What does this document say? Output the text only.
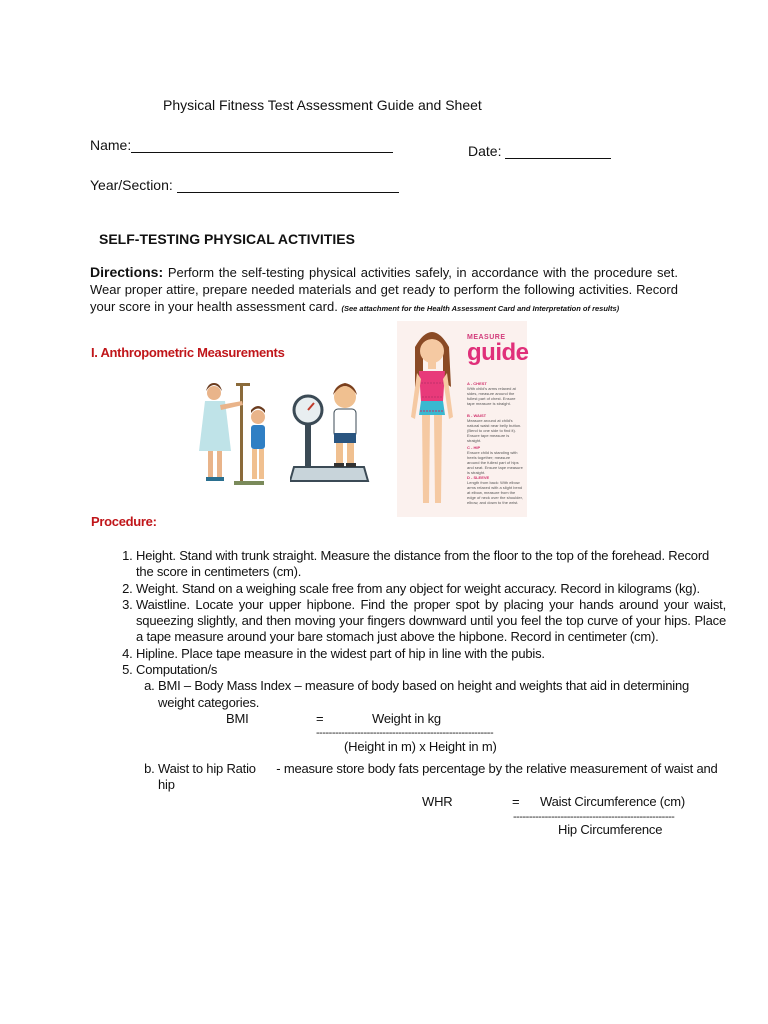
Physical Fitness Test Assessment Guide and Sheet
Name:	Date:
Year/Section:
SELF-TESTING PHYSICAL ACTIVITIES
Directions: Perform the self-testing physical activities safely, in accordance with the procedure set. Wear proper attire, prepare needed materials and get ready to perform the following activities. Record your score in your health assessment card. (See attachment for the Health Assessment Card and Interpretation of results)
I. Anthropometric Measurements
MEASURE
guide
A - CHEST
With child's arms relaxed at sides, measure around the fullest part of chest. Ensure tape measure is straight.
B - WAIST
Measure around at child's natural waist near belly button. (Bend to one side to find it). Ensure tape measure is straight.
C - HIP
Ensure child is standing with heels together; measure around the fullest part of hips and seat. Ensure tape measure is straight.
D - SLEEVE
Length from back: With elbow arms relaxed with a slight bend at elbow, measure from the edge of neck over the shoulder, elbow, and down to the wrist.
Procedure:
1. Height. Stand with trunk straight. Measure the distance from the floor to the top of the forehead. Record the score in centimeters (cm).
2. Weight. Stand on a weighing scale free from any object for weight accuracy. Record in kilograms (kg).
3. Waistline. Locate your upper hipbone. Find the proper spot by placing your hands around your waist, squeezing slightly, and then moving your fingers downward until you feel the top curve of your hips. Place a tape measure around your bare stomach just above the hipbone. Record in centimeter (cm).
4. Hipline. Place tape measure in the widest part of hip in line with the pubis.
5. Computation/s
a. BMI – Body Mass Index – measure of body based on height and weights that aid in determining weight categories.
BMI	=	Weight in kg
--------------------------------------------------------
(Height in m) x Height in m)
b. Waist to hip Ratio - measure store body fats percentage by the relative measurement of waist and hip
WHR	= Waist Circumference (cm)
---------------------------------------------------
Hip Circumference
